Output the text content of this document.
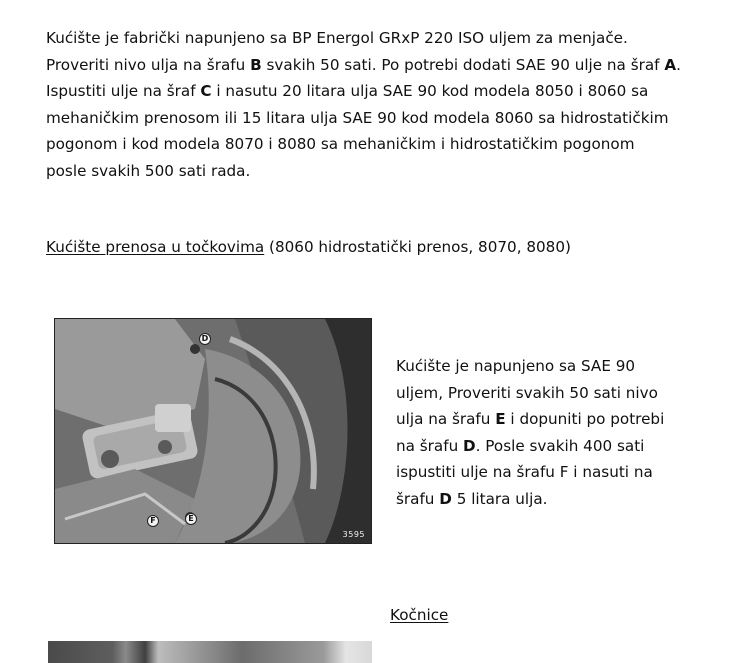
Kućište je fabrički napunjeno sa BP Energol GRxP 220 ISO uljem za menjače.
Proveriti nivo ulja na šrafu B svakih 50 sati. Po potrebi dodati SAE 90 ulje na šraf A.
Ispustiti ulje na šraf C i nasutu 20 litara ulja SAE 90 kod modela 8050 i 8060 sa
mehaničkim prenosom ili 15 litara ulja SAE 90 kod modela 8060 sa hidrostatičkim
pogonom i kod modela 8070 i 8080 sa mehaničkim i hidrostatičkim pogonom
posle svakih 500 sati rada.
Kućište prenosa u točkovima (8060 hidrostatički prenos, 8070, 8080)
D
E
F
3595
Kućište je napunjeno sa SAE 90
uljem, Proveriti svakih 50 sati nivo
ulja na šrafu E i dopuniti po potrebi
na šrafu D. Posle svakih 400 sati
ispustiti ulje na šrafu F i nasuti na
šrafu D 5 litara ulja.
Kočnice
